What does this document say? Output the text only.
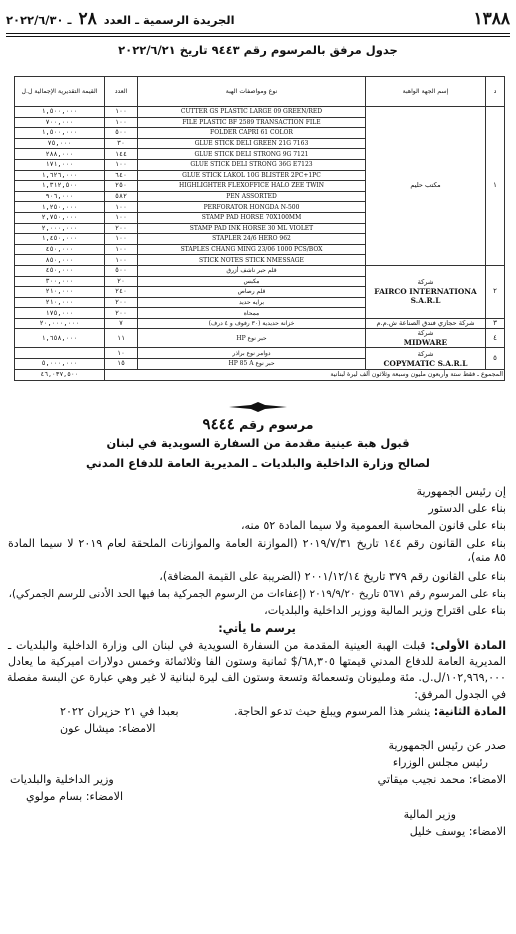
١٣٨٨
الجريدة الرسمية ـ العدد ٢٨ ـ ٢٠٢٢/٦/٣٠
جدول مرفق بالمرسوم رقم ٩٤٤٣ تاريخ ٢٠٢٢/٦/٢١
د	إسم الجهة الواهبة	نوع ومواصفات الهبة	العدد	القيمة التقديرية الإجمالية ل.ل
١	مكتب حليم	CUTTER GS PLASTIC LARGE 09 GREEN/RED	١٠٠	١,٥٠٠,٠٠٠
		FILE PLASTIC BF 2589 TRANSACTION FILE	١٠٠	٧٠٠,٠٠٠
		FOLDER CAPRI 61 COLOR	٥٠٠	١,٥٠٠,٠٠٠
		GLUE STICK DELI GREEN 21G 7163	٣٠	٧٥,٠٠٠
		GLUE STICK DELI STRONG 9G 7121	١٤٤	٢٨٨,٠٠٠
		GLUE STICK DELI STRONG 36G E7123	١٠٠	١٧١,٠٠٠
		GLUE STICK LAKOL 10G BLISTER 2PC+1PC	٦٤٠	١,٦٢٦,٠٠٠
		HIGHLIGHTER FLEXOFFICE HALO ZEE TWIN	٢٥٠	١,٣١٢,٥٠٠
		PEN ASSORTED	٥٨٢	٩٠٦,٠٠٠
		PERFORATOR HONGDA N-500	١٠٠	١,٢٥٠,٠٠٠
		STAMP PAD HORSE 70X100MM	١٠٠	٢,٧٥٠,٠٠٠
		STAMP PAD INK HORSE 30 ML VIOLET	٢٠٠	٢,٠٠٠,٠٠٠
		STAPLER 24/6 HERO 962	١٠٠	١,٤٥٠,٠٠٠
		STAPLES CHANG MING 23/06 1000 PCS/BOX	١٠٠	٤٥٠,٠٠٠
		STICK NOTES STICK NMESSAGE	١٠٠	٨٥٠,٠٠٠
٢	شركة
FAIRCO INTERNATIONA S.A.R.L	قلم حبر ناشف أزرق	٥٠٠	٤٥٠,٠٠٠
		مكبس	٢٠	٣٠٠,٠٠٠
		قلم رصاص	٢٤٠	٢١٠,٠٠٠
		برايه حديد	٢٠٠	٢١٠,٠٠٠
		ممحاة	٢٠٠	١٧٥,٠٠٠
٣	شركة حجازي فندق الصناعة ش.م.م	خزانة حديدية (٣٠ رفوف و ٤ درف)	٧	٢٠,٠٠٠,٠٠٠
٤	شركة
MIDWARE	حبر نوع HP	١١	١,٦٥٨,٠٠٠
٥	شركة
COPYMATIC S.A.R.L	دوامر نوع براذر	١٠	
		حبر نوع HP 85 A	١٥	٥,٠٠٠,٠٠٠
المجموع ـ فقط ستة وأربعون مليون وسبعة وثلاثون ألف ليرة لبنانية				٤٦,٠٣٧,٥٠٠
مرسوم رقم ٩٤٤٤
قبول هبة عينية مقدمة من السفارة السويدية في لبنان
لصالح وزارة الداخلية والبلديات ـ المديرية العامة للدفاع المدني
إن رئيس الجمهورية
بناء على الدستور
بناء على قانون المحاسبة العمومية ولا سيما المادة ٥٢ منه،
بناء على القانون رقم ١٤٤ تاريخ ٢٠١٩/٧/٣١ (الموازنة العامة والموازنات الملحقة لعام ٢٠١٩ لا سيما المادة
٨٥ منه)،
بناء على القانون رقم ٣٧٩ تاريخ ٢٠٠١/١٢/١٤ (الضريبة على القيمة المضافة)،
بناء على المرسوم رقم ٥٦٧١ تاريخ ٢٠١٩/٩/٢٠ (إعفاءات من الرسوم الجمركية بما فيها الحد الأدنى للرسم الجمركي)،
بناء على اقتراح وزير المالية ووزير الداخلية والبلديات،
يرسم ما يأتي:
المادة الأولى: قبلت الهبة العينية المقدمة من السفارة السويدية في لبنان الى وزارة الداخلية والبلديات ـ
المديرية العامة للدفاع المدني قيمتها ٦٨,٣٠٥/$ ثمانية وستون الفا وثلاثمائة وخمس دولارات اميركية ما يعادل
١٠٢,٩٦٩,٠٠٠/ل.ل. مئة ومليونان وتسعمائة وتسعة وستون الف ليرة لبنانية لا غير وهي عبارة عن البسة مفصلة
في الجدول المرفق:
المادة الثانية: ينشر هذا المرسوم ويبلغ حيث تدعو الحاجة.
بعبدا في ٢١ حزيران ٢٠٢٢
الامضاء: ميشال عون
صدر عن رئيس الجمهورية
رئيس مجلس الوزراء
الامضاء: محمد نجيب ميقاتي
وزير الداخلية والبلديات
الامضاء: بسام مولوي
وزير المالية
الامضاء: يوسف خليل
